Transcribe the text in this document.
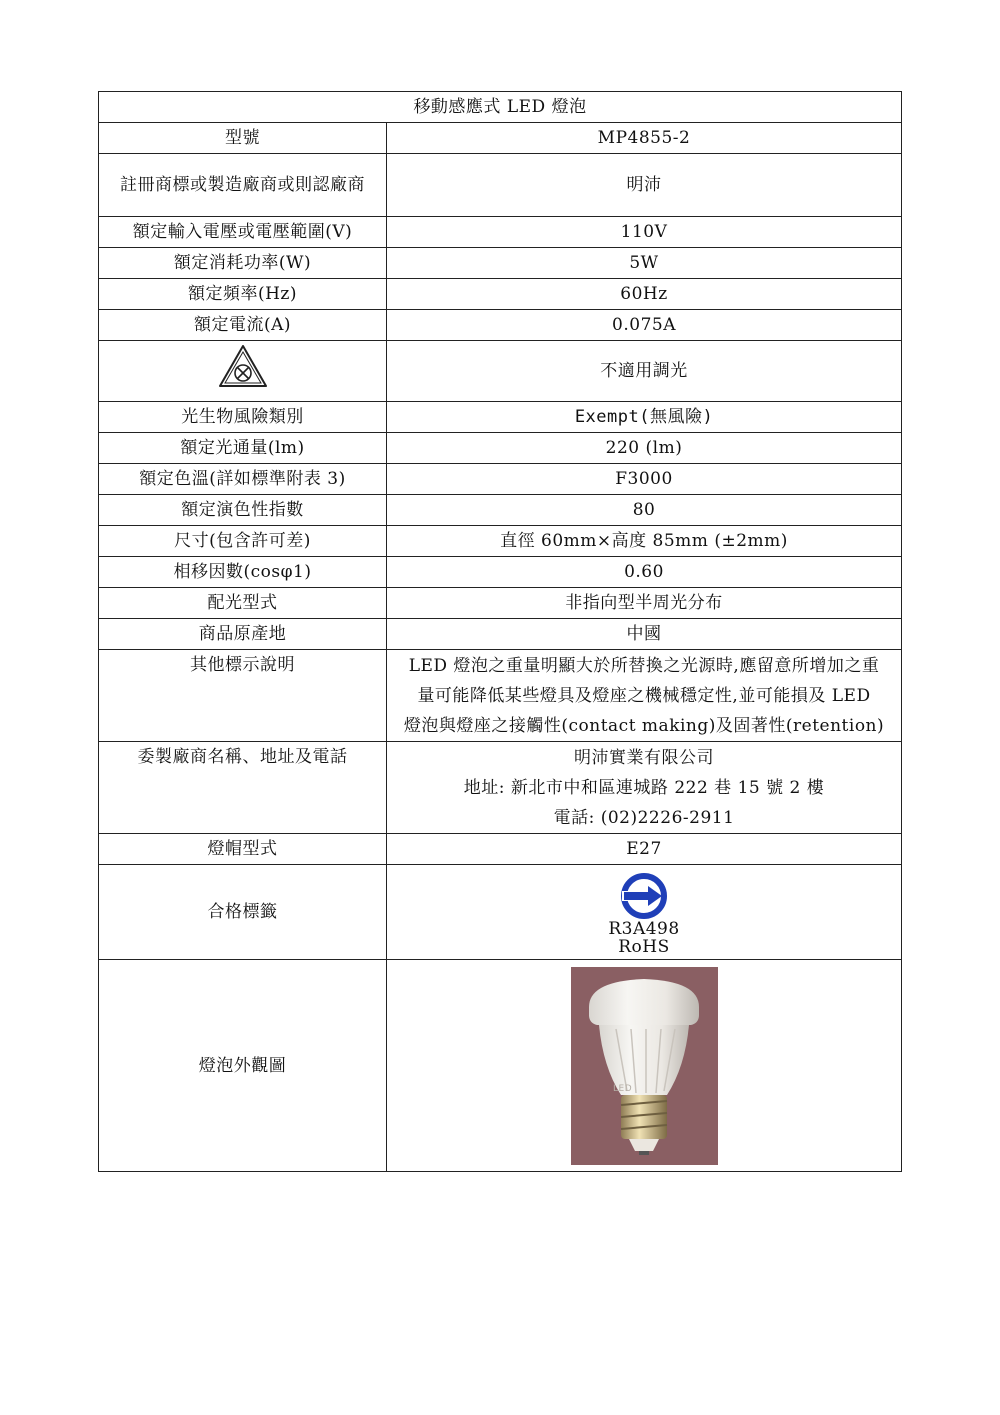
移動感應式 LED 燈泡	
型號	MP4855-2
註冊商標或製造廠商或則認廠商	明沛
額定輸入電壓或電壓範圍(V)	110V
額定消耗功率(W)	5W
額定頻率(Hz)	60Hz
額定電流(A)	0.075A
	不適用調光
光生物風險類別	Exempt(無風險)
額定光通量(lm)	220 (lm)
額定色溫(詳如標準附表 3)	F3000
額定演色性指數	80
尺寸(包含許可差)	直徑 60mm×高度 85mm (±2mm)
相移因數(cosφ1)	0.60
配光型式	非指向型半周光分布
商品原產地	中國
其他標示說明	LED 燈泡之重量明顯大於所替換之光源時,應留意所增加之重
量可能降低某些燈具及燈座之機械穩定性,並可能損及 LED
燈泡與燈座之接觸性(contact making)及固著性(retention)

委製廠商名稱、地址及電話	明沛實業有限公司
地址: 新北市中和區連城路 222 巷 15 號 2 樓
電話: (02)2226-2911

燈帽型式	E27
合格標籤	R3A498
RoHS

燈泡外觀圖	LED
